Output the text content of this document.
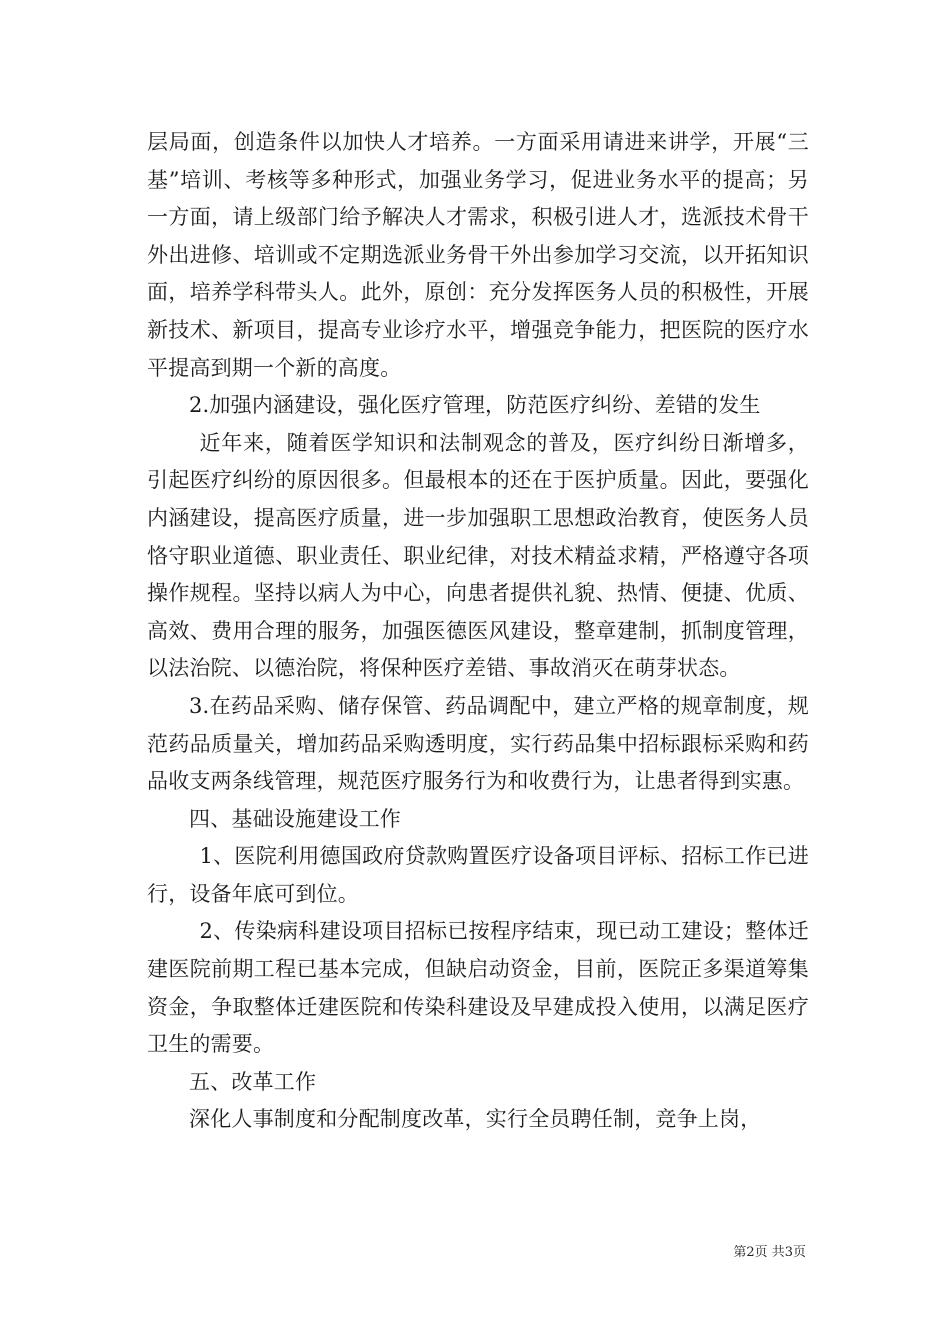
层局面，创造条件以加快人才培养。一方面采用请进来讲学，开展“三基”培训、考核等多种形式，加强业务学习，促进业务水平的提高；另一方面，请上级部门给予解决人才需求，积极引进人才，选派技术骨干外出进修、培训或不定期选派业务骨干外出参加学习交流，以开拓知识面，培养学科带头人。此外，原创：充分发挥医务人员的积极性，开展新技术、新项目，提高专业诊疗水平，增强竞争能力，把医院的医疗水平提高到期一个新的高度。

2.加强内涵建设，强化医疗管理，防范医疗纠纷、差错的发生

近年来，随着医学知识和法制观念的普及，医疗纠纷日渐增多，引起医疗纠纷的原因很多。但最根本的还在于医护质量。因此，要强化内涵建设，提高医疗质量，进一步加强职工思想政治教育，使医务人员恪守职业道德、职业责任、职业纪律，对技术精益求精，严格遵守各项操作规程。坚持以病人为中心，向患者提供礼貌、热情、便捷、优质、高效、费用合理的服务，加强医德医风建设，整章建制，抓制度管理，以法治院、以德治院，将保种医疗差错、事故消灭在萌芽状态。

3.在药品采购、储存保管、药品调配中，建立严格的规章制度，规范药品质量关，增加药品采购透明度，实行药品集中招标跟标采购和药品收支两条线管理，规范医疗服务行为和收费行为，让患者得到实惠。

四、基础设施建设工作

1、医院利用德国政府贷款购置医疗设备项目评标、招标工作已进行，设备年底可到位。

2、传染病科建设项目招标已按程序结束，现已动工建设；整体迁建医院前期工程已基本完成，但缺启动资金，目前，医院正多渠道筹集资金，争取整体迁建医院和传染科建设及早建成投入使用，以满足医疗卫生的需要。

五、改革工作

深化人事制度和分配制度改革，实行全员聘任制，竞争上岗，

第2页 共3页
